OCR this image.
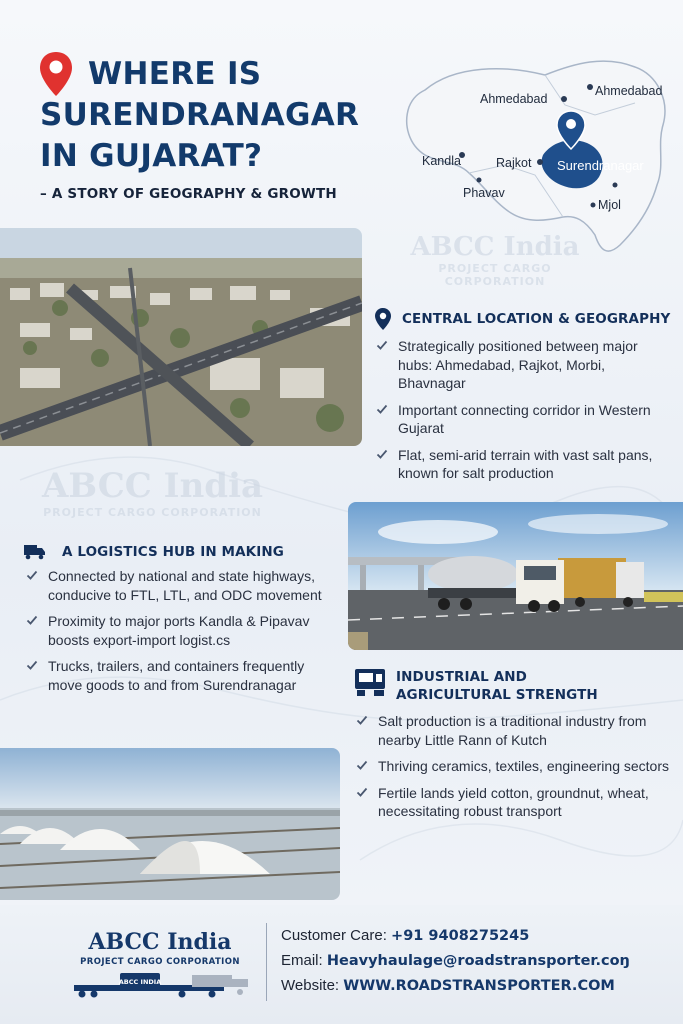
WHERE IS
SURENDRANAGAR
IN GUJARAT?
– A STORY OF GEOGRAPHY & GROWTH
Ahmedabad
Ahmedabad
Kandla	Rajkot Surendranagar
Phavav
Mjol
ABCC India
PROJECT CARGO CORPORATION
CENTRAL LOCATION & GEOGRAPHY
Strategically positioned betweeŋ major hubs: Ahmedabad, Rajkot, Morbi, Bhavnagar
Important connecting corridor in Western Gujarat
Flat, semi-arid terrain with vast salt pans, known for salt production
ABCC India
PROJECT CARGO CORPORATION
A LOGISTICS HUB IN MAKING
Connected by national and state highways, conducive to FTL, LTL, and ODC movement
Proximity to major ports Kandla & Pipavav boosts export-import logist.cs
Trucks, trailers, and containers frequently move goods to and from Surendranagar	INDUSTRIAL AND
AGRICULTURAL STRENGTH
Salt production is a traditional industry from nearby Little Rann of Kutch
Thriving ceramics, textiles, engineering sectors
Fertile lands yield cotton, groundnut, wheat, necessitating robust transport
ABCC India
PROJECT CARGO CORPORATION
ABCC INDIA
Customer Care: +91 9408275245
Email: Heavyhaulage@roadstransporter.coŋ
Website: WWW.ROADSTRANSPORTER.COM
